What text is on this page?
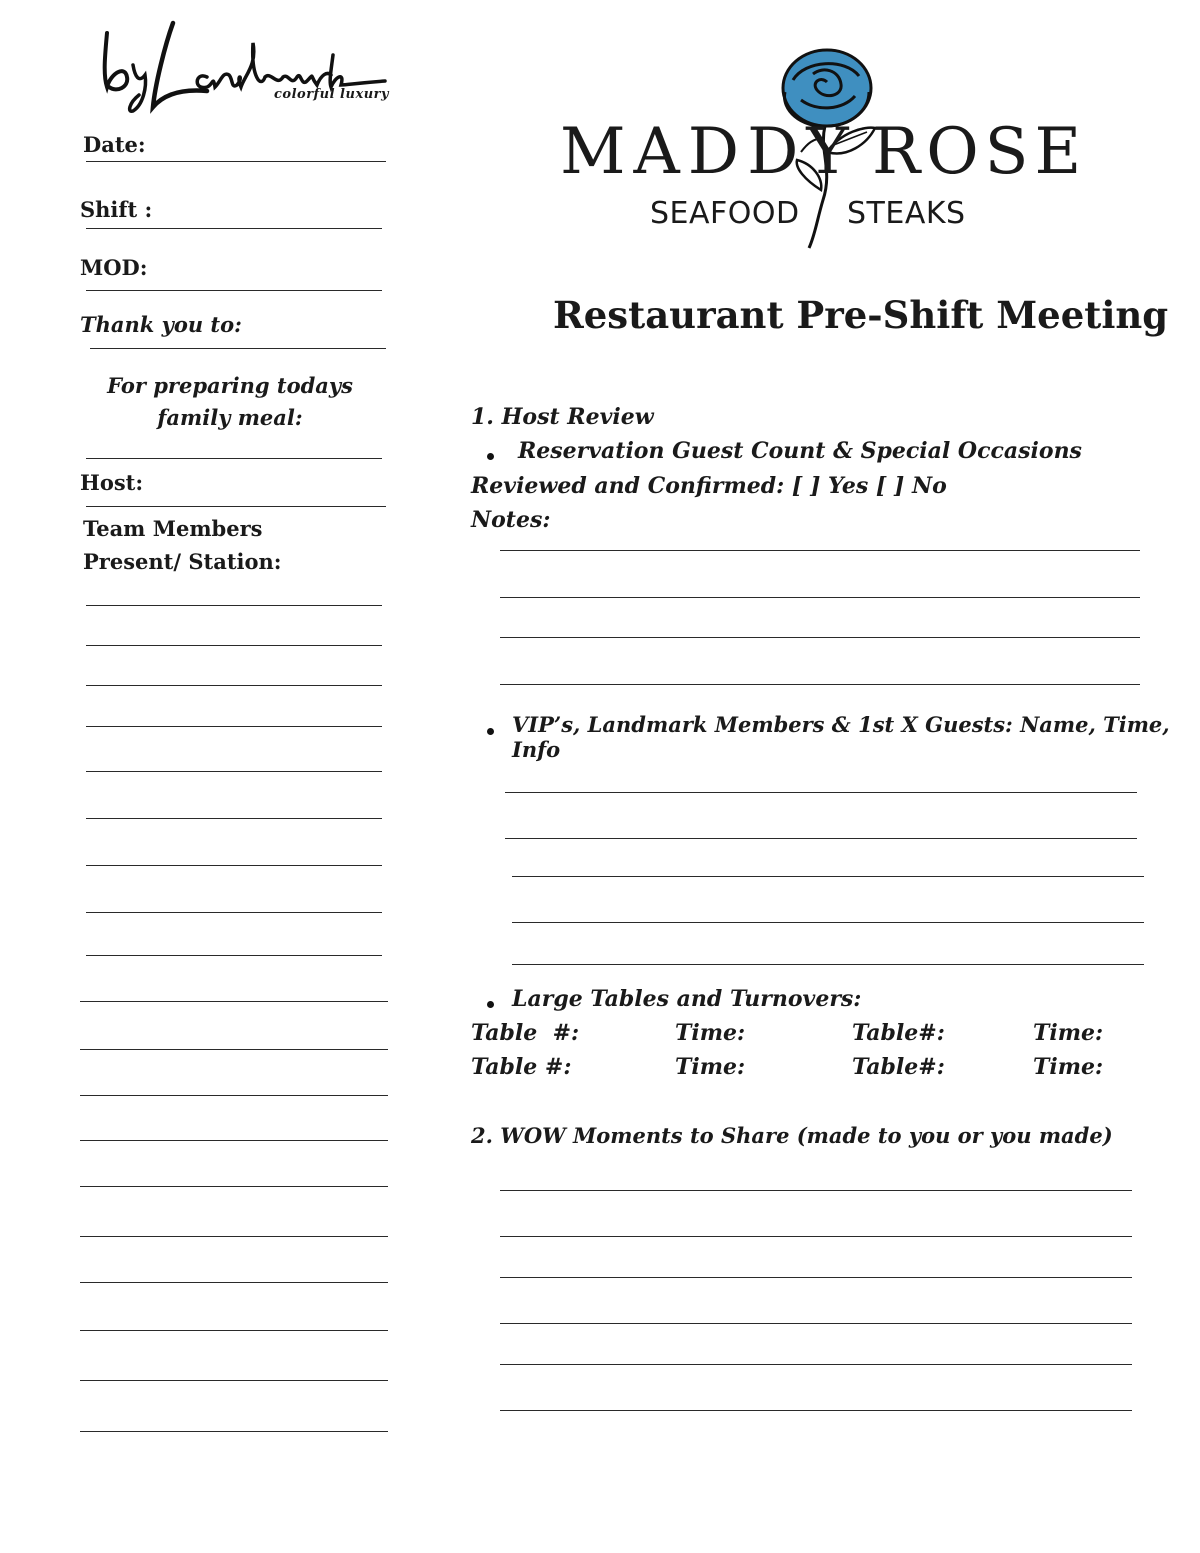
colorful luxury
MADDY ROSE
SEAFOOD STEAKS
Restaurant Pre-Shift Meeting
Date:
Shift :
MOD:
Thank you to:
For preparing todays family meal:
Host:
Team Members
Present/ Station:
1. Host Review
Reservation Guest Count & Special Occasions
Reviewed and Confirmed: [ ] Yes [ ] No
Notes:
VIP’s, Landmark Members & 1st X Guests: Name, Time, Info
Large Tables and Turnovers:
Table  #:	Time:	Table#:	Time:
Table #:	Time:	Table#:	Time:
2. WOW Moments to Share (made to you or you made)
